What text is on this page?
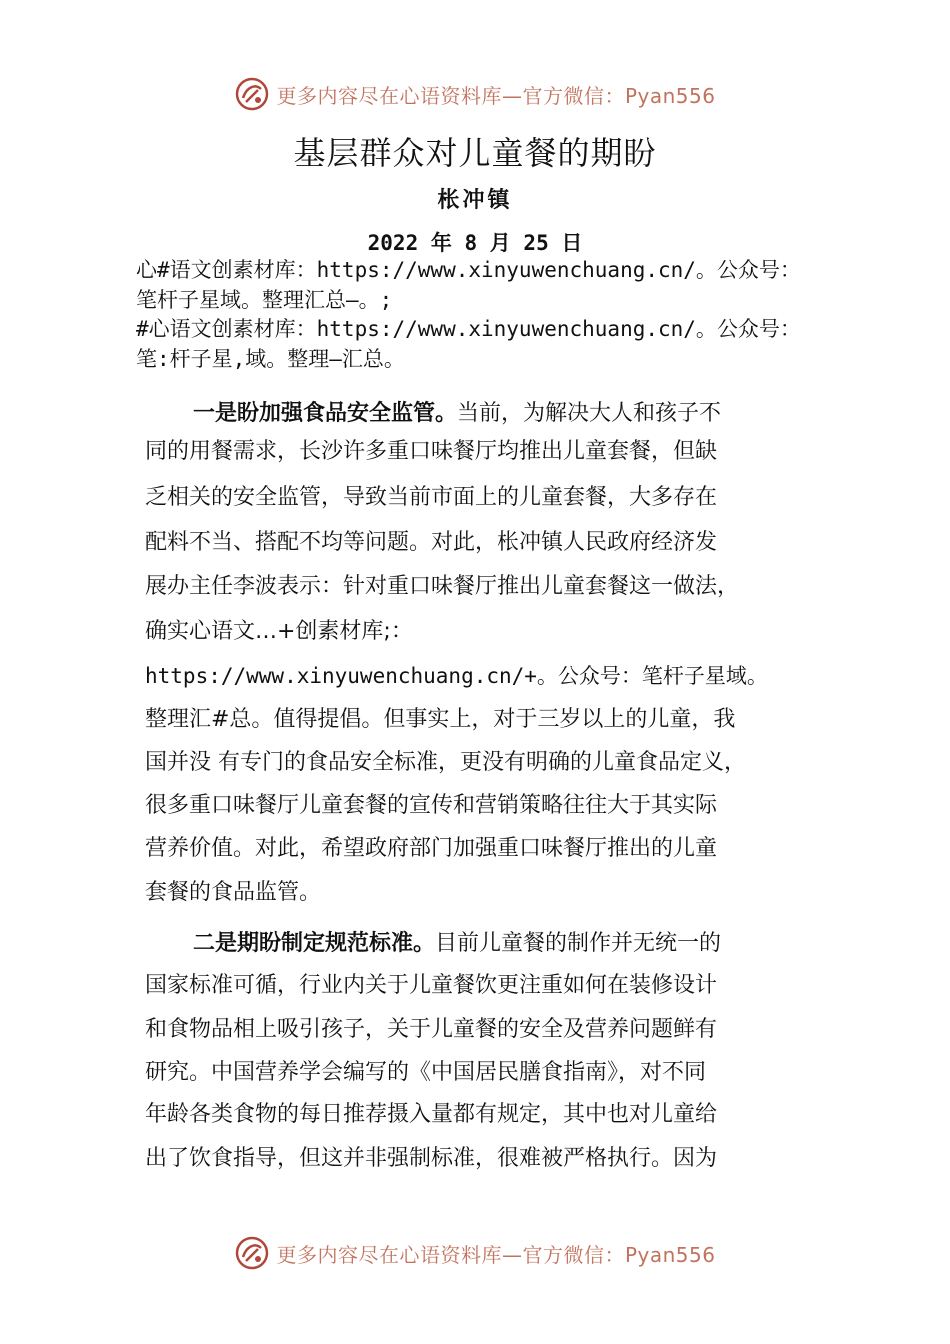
更多内容尽在心语资料库—官方微信：Pyan556
基层群众对儿童餐的期盼
枨冲镇
2022 年 8 月 25 日
心#语文创素材库：https://www.xinyuwenchuang.cn/。公众号：
笔杆子星域。整理汇总—。;
#心语文创素材库：https://www.xinyuwenchuang.cn/。公众号：
笔:杆子星,域。整理—汇总。
一是盼加强食品安全监管。当前，为解决大人和孩子不
同的用餐需求，长沙许多重口味餐厅均推出儿童套餐，但缺
乏相关的安全监管，导致当前市面上的儿童套餐，大多存在
配料不当、搭配不均等问题。对此，枨冲镇人民政府经济发
展办主任李波表示：针对重口味餐厅推出儿童套餐这一做法，
确实心语文…+创素材库;：
https://www.xinyuwenchuang.cn/+。公众号：笔杆子星域。
整理汇#总。值得提倡。但事实上，对于三岁以上的儿童，我
国并没 有专门的食品安全标准，更没有明确的儿童食品定义，
很多重口味餐厅儿童套餐的宣传和营销策略往往大于其实际
营养价值。对此，希望政府部门加强重口味餐厅推出的儿童
套餐的食品监管。
二是期盼制定规范标准。目前儿童餐的制作并无统一的
国家标准可循，行业内关于儿童餐饮更注重如何在装修设计
和食物品相上吸引孩子，关于儿童餐的安全及营养问题鲜有
研究。中国营养学会编写的《中国居民膳食指南》，对不同
年龄各类食物的每日推荐摄入量都有规定，其中也对儿童给
出了饮食指导，但这并非强制标准，很难被严格执行。因为
更多内容尽在心语资料库—官方微信：Pyan556
